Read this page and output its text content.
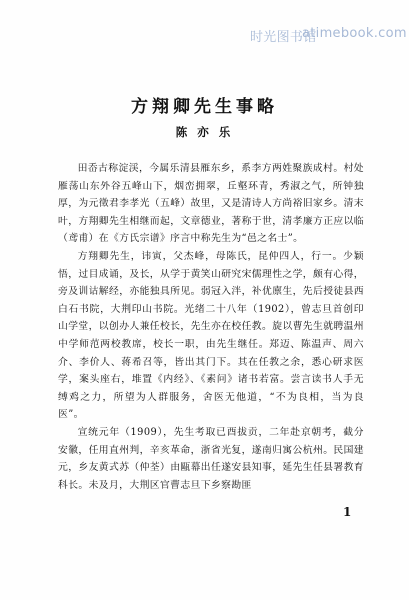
时光图书馆
atimebook.com
方翔卿先生事略
陈 亦 乐

田岙古称淀渓，今属乐清县雁东乡，系李方两姓聚族成村。村处雁荡山东外谷五峰山下，烟峦拥翠，丘壑环青，秀淑之气，所钟独厚，为元徵君李孝光（五峰）故里，又是清诗人方尚裕旧家乡。清末叶，方翔卿先生相继而起，文章德业，著称于世，清孝廉方正应以临（鸢甫）在《方氏宗谱》序言中称先生为“邑之名士”。

方翔卿先生，讳寅，父杰峰，母陈氏，昆仲四人，行一。少颖悟，过目成诵，及长，从学于黄笑山研究宋儒理性之学，颇有心得，旁及训诂解经，亦能独具所见。弱冠入泮，补优廪生，先后授徒县西白石书院，大荆印山书院。光绪二十八年（1902），曾志旦首创印山学堂，以创办人兼任校长，先生亦在校任教。旋以曹先生就聘温州中学师范两校教席，校长一职，由先生继任。郑迈、陈温声、周六介、李价人、蒋希召等，皆出其门下。其在任教之余，悉心研求医学，案头座右，堆置《内经》、《素问》诸书若富。尝言读书人手无缚鸡之力，所望为人群服务，舍医无他道，“不为良相，当为良医”。

宣统元年（1909），先生考取已酉拔贡，二年赴京朝考，截分安徽，任用直州判，辛亥革命，浙省光复，遂南归寓公杭州。民国建元，乡友黄式苏（仲荃）由甌幕出任遂安县知事，延先生任县署教育科长。未及月，大荆区官曹志旦下乡察勘匪

1
